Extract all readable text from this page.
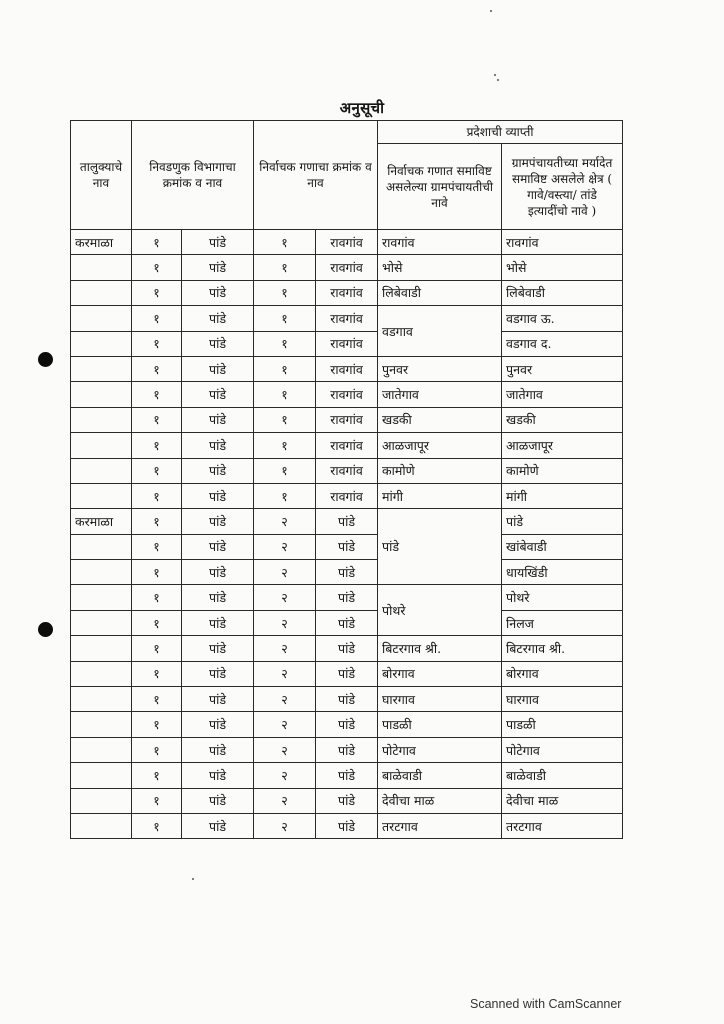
अनुसूची
तालुक्याचे नाव	निवडणुक विभागाचा क्रमांक व नाव		निर्वाचक गणाचा क्रमांक व नाव		प्रदेशाची व्याप्ती	
					निर्वाचक गणात समाविष्ट असलेल्या ग्रामपंचायतीची नावे	ग्रामपंचायतीच्या मर्यादेत समाविष्ट असलेले क्षेत्र ( गावे/वस्त्या/ तांडे इत्यादींचो नावे )
करमाळा	१	पांडे	१	रावगांव	रावगांव	रावगांव
	१	पांडे	१	रावगांव	भोसे	भोसे
	१	पांडे	१	रावगांव	लिबेवाडी	लिबेवाडी
	१	पांडे	१	रावगांव	वडगाव	वडगाव ऊ.
	१	पांडे	१	रावगांव		वडगाव द.
	१	पांडे	१	रावगांव	पुनवर	पुनवर
	१	पांडे	१	रावगांव	जातेगाव	जातेगाव
	१	पांडे	१	रावगांव	खडकी	खडकी
	१	पांडे	१	रावगांव	आळजापूर	आळजापूर
	१	पांडे	१	रावगांव	कामोणे	कामोणे
	१	पांडे	१	रावगांव	मांगी	मांगी
करमाळा	१	पांडे	२	पांडे	पांडे	पांडे
	१	पांडे	२	पांडे		खांबेवाडी
	१	पांडे	२	पांडे		धायखिंडी
	१	पांडे	२	पांडे	पोथरे	पोथरे
	१	पांडे	२	पांडे		निलज
	१	पांडे	२	पांडे	बिटरगाव श्री.	बिटरगाव श्री.
	१	पांडे	२	पांडे	बोरगाव	बोरगाव
	१	पांडे	२	पांडे	घारगाव	घारगाव
	१	पांडे	२	पांडे	पाडळी	पाडळी
	१	पांडे	२	पांडे	पोटेगाव	पोटेगाव
	१	पांडे	२	पांडे	बाळेवाडी	बाळेवाडी
	१	पांडे	२	पांडे	देवीचा माळ	देवीचा माळ
	१	पांडे	२	पांडे	तरटगाव	तरटगाव
Scanned with CamScanner
